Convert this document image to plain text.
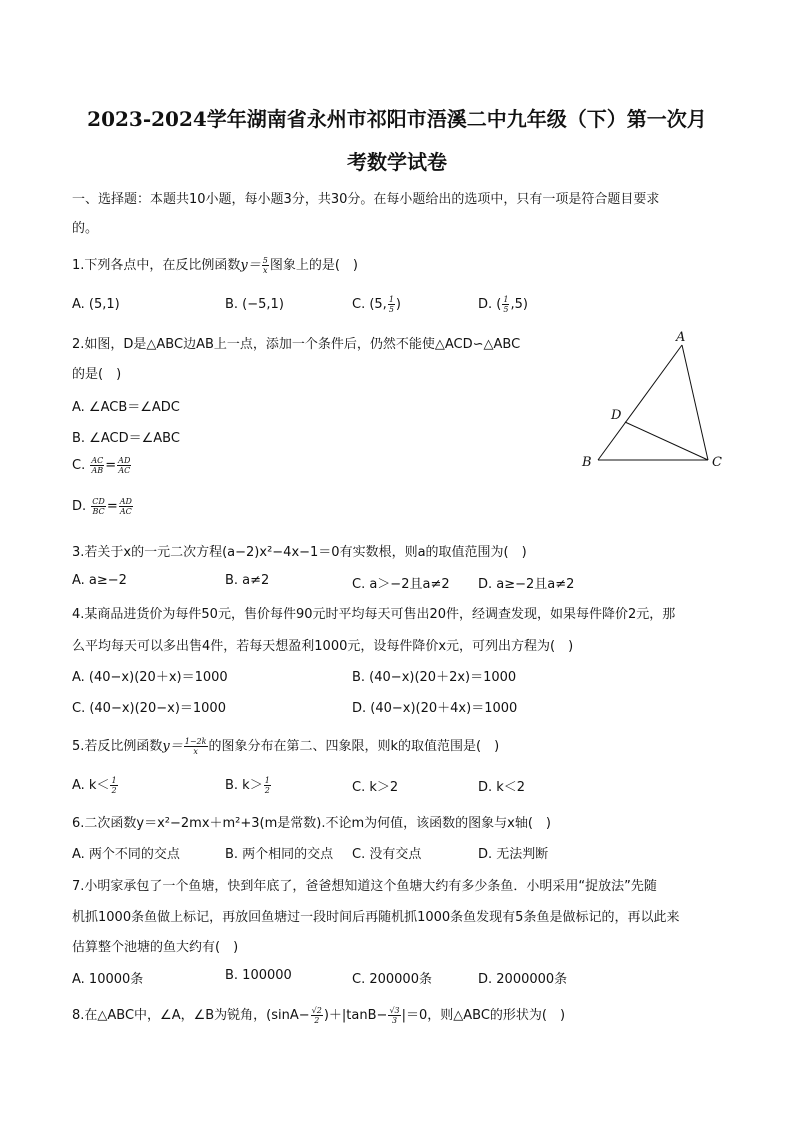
2023-2024学年湖南省永州市祁阳市浯溪二中九年级（下）第一次月
考数学试卷
一、选择题：本题共10小题，每小题3分，共30分。在每小题给出的选项中，只有一项是符合题目要求
的。
1.下列各点中，在反比例函数$y= \frac{5}{x}$ 图象上的是(　)
A. (5,1)	B. (−5,1)	C. (5, $\frac{1}{5}$ )	D. ( $\frac{1}{5} ,5$)
2.如图，D是△ABC边AB上一点，添加一个条件后，仍然不能使△ACD∽△ABC
的是(　)
A. ∠ACB＝∠ADC
B. ∠ACD＝∠ABC
C. $\frac{AC}{AB} = \frac{AD}{AC}$
D. $\frac{CD}{BC} = \frac{AD}{AC}$
A
B	C
D
3.若关于x的一元二次方程(a−2)x²−4x−1＝0有实数根，则a的取值范围为(　)
A. a≥−2	B. a≠2	C. a＞−2且a≠2 D. a≥−2且a≠2
4.某商品进货价为每件50元，售价每件90元时平均每天可售出20件，经调查发现，如果每件降价2元，那
么平均每天可以多出售4件，若每天想盈利1000元，设每件降价x元，可列出方程为(　)
A. (40−x)(20＋x)＝1000	B. (40−x)(20＋2x)＝1000
C. (40−x)(20−x)＝1000	D. (40−x)(20＋4x)＝1000
5.若反比例函数$y= \frac{1-2k}{x}$ 的图象分布在第二、四象限，则k的取值范围是(　)
A. $k< \frac{1}{2}$	B. $k> \frac{1}{2}$	C. k＞2	D. k＜2
6.二次函数y＝x²−2mx＋m²+3(m是常数).不论m为何值，该函数的图象与x轴(　)
A. 两个不同的交点	B. 两个相同的交点 C. 没有交点	D. 无法判断
7.小明家承包了一个鱼塘，快到年底了，爸爸想知道这个鱼塘大约有多少条鱼．小明采用“捉放法”先随
机抓1000条鱼做上标记，再放回鱼塘过一段时间后再随机抓1000条鱼发现有5条鱼是做标记的，再以此来
估算整个池塘的鱼大约有(　)
A. 10000条	B. 100000	C. 200000条	D. 2000000条
8.在△ABC中，∠A，∠B为锐角，$(\sin A- \frac{√2}{2} )+|\tan B- \frac{√3}{3} |=0$，则△ABC的形状为(　)
